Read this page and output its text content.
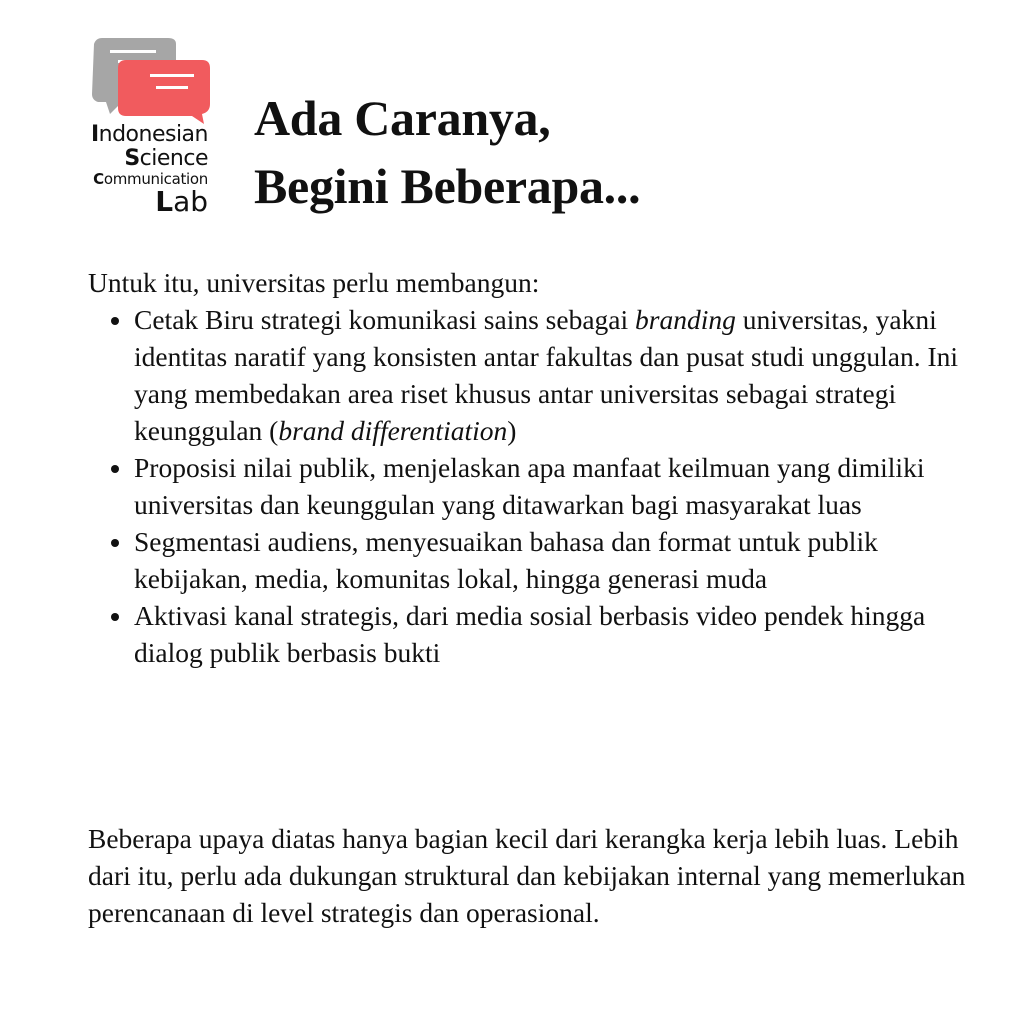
Indonesian
Science
Communication
Lab
Ada Caranya,
Begini Beberapa...

Untuk itu, universitas perlu membangun:

• Cetak Biru strategi komunikasi sains sebagai branding universitas, yakni identitas naratif yang konsisten antar fakultas dan pusat studi unggulan. Ini yang membedakan area riset khusus antar universitas sebagai strategi keunggulan (brand differentiation)
• Proposisi nilai publik, menjelaskan apa manfaat keilmuan yang dimiliki universitas dan keunggulan yang ditawarkan bagi masyarakat luas
• Segmentasi audiens, menyesuaikan bahasa dan format untuk publik kebijakan, media, komunitas lokal, hingga generasi muda
• Aktivasi kanal strategis, dari media sosial berbasis video pendek hingga dialog publik berbasis bukti

Beberapa upaya diatas hanya bagian kecil dari kerangka kerja lebih luas. Lebih dari itu, perlu ada dukungan struktural dan kebijakan internal yang memerlukan perencanaan di level strategis dan operasional.
